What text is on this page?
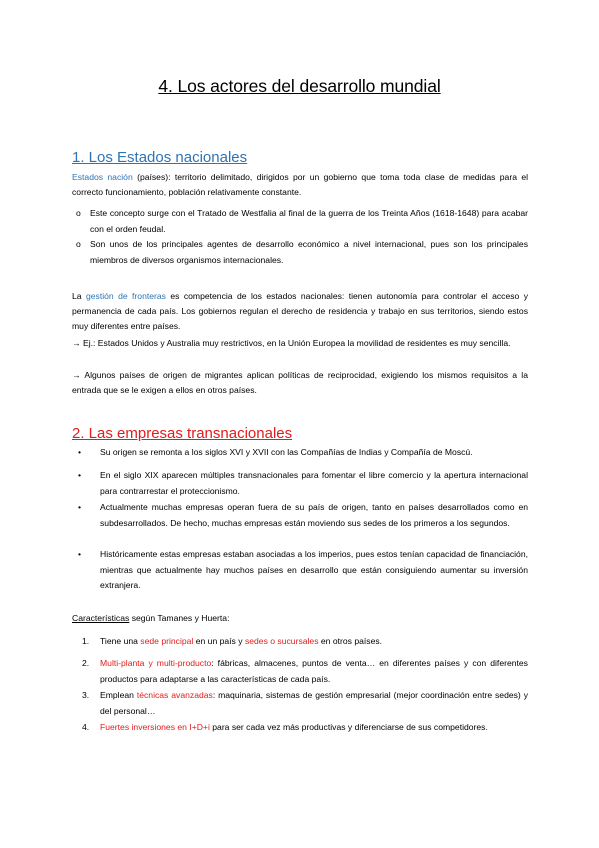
4. Los actores del desarrollo mundial
1. Los Estados nacionales
Estados nación (países): territorio delimitado, dirigidos por un gobierno que toma toda clase de medidas para el correcto funcionamiento, población relativamente constante.
o Este concepto surge con el Tratado de Westfalia al final de la guerra de los Treinta Años (1618-1648) para acabar con el orden feudal.
o Son unos de los principales agentes de desarrollo económico a nivel internacional, pues son los principales miembros de diversos organismos internacionales.
La gestión de fronteras es competencia de los estados nacionales: tienen autonomía para controlar el acceso y permanencia de cada país. Los gobiernos regulan el derecho de residencia y trabajo en sus territorios, siendo estos muy diferentes entre países.
→ Ej.: Estados Unidos y Australia muy restrictivos, en la Unión Europea la movilidad de residentes es muy sencilla.
→ Algunos países de origen de migrantes aplican políticas de reciprocidad, exigiendo los mismos requisitos a la entrada que se le exigen a ellos en otros países.
2. Las empresas transnacionales
• Su origen se remonta a los siglos XVI y XVII con las Compañías de Indias y Compañía de Moscú.
• En el siglo XIX aparecen múltiples transnacionales para fomentar el libre comercio y la apertura internacional para contrarrestar el proteccionismo.
• Actualmente muchas empresas operan fuera de su país de origen, tanto en países desarrollados como en subdesarrollados. De hecho, muchas empresas están moviendo sus sedes de los primeros a los segundos.
• Históricamente estas empresas estaban asociadas a los imperios, pues estos tenían capacidad de financiación, mientras que actualmente hay muchos países en desarrollo que están consiguiendo aumentar su inversión extranjera.
Características según Tamanes y Huerta:
1. Tiene una sede principal en un país y sedes o sucursales en otros países.
2. Multi-planta y multi-producto: fábricas, almacenes, puntos de venta… en diferentes países y con diferentes productos para adaptarse a las características de cada país.
3. Emplean técnicas avanzadas: maquinaria, sistemas de gestión empresarial (mejor coordinación entre sedes) y del personal…
4. Fuertes inversiones en I+D+i para ser cada vez más productivas y diferenciarse de sus competidores.
